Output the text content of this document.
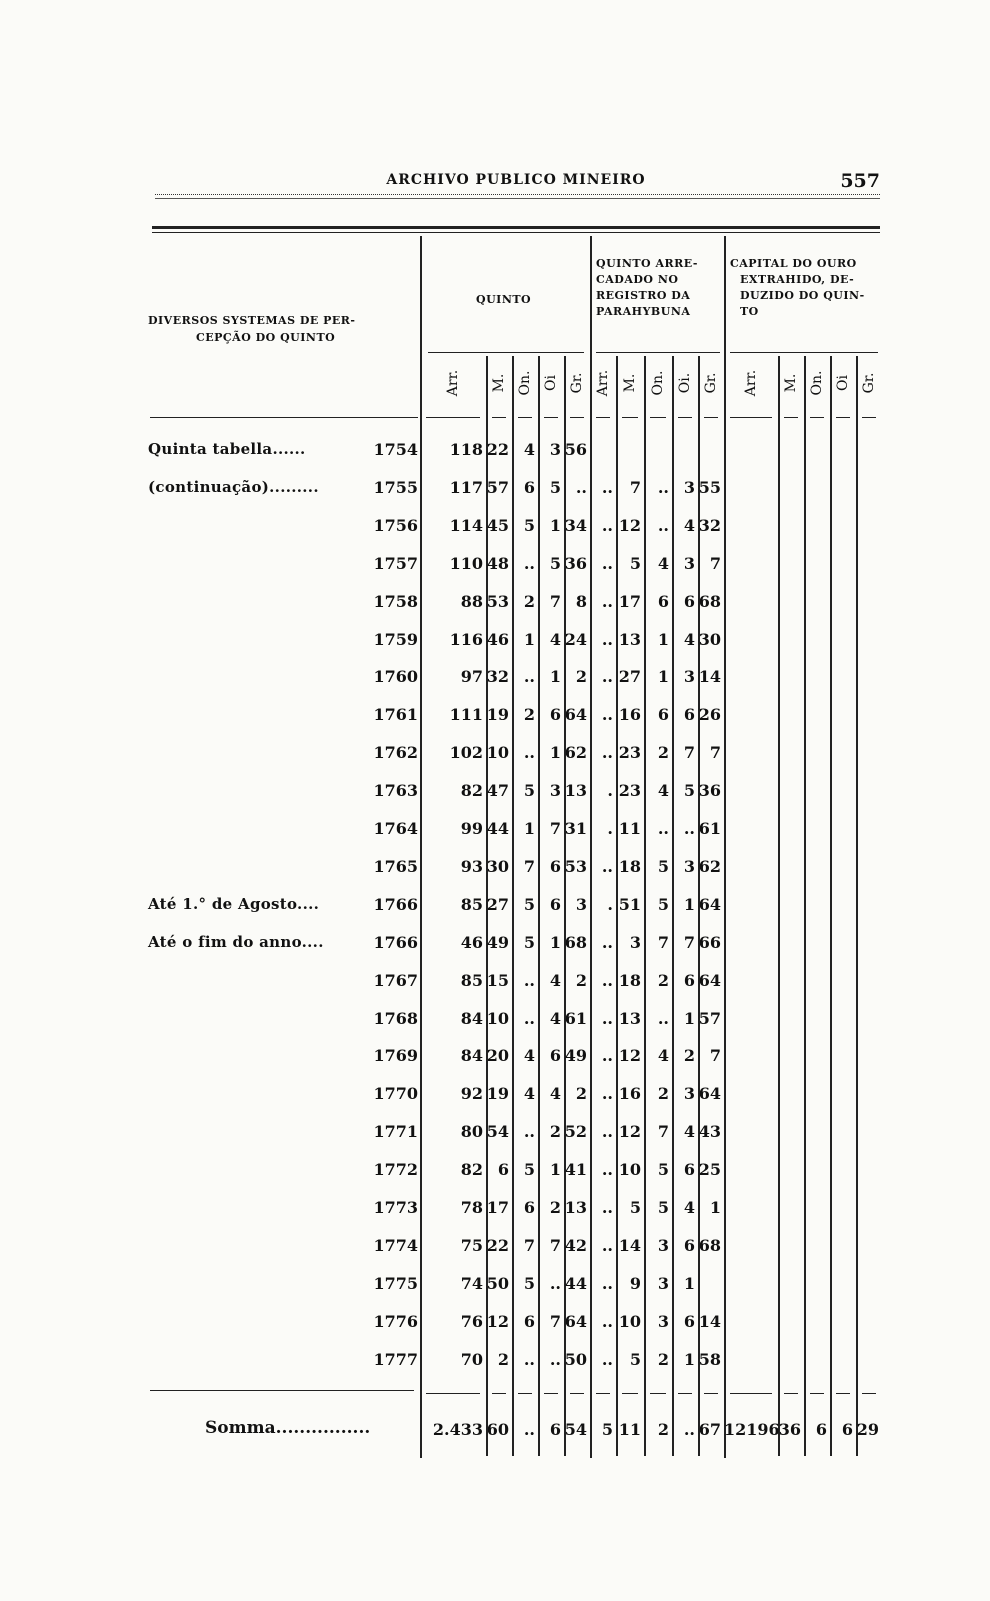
ARCHIVO PUBLICO MINEIRO	557
DIVERSOS SYSTEMAS DE PER-
CEPÇÃO DO QUINTO
QUINTO
QUINTO ARRE-
CADADO NO
REGISTRO DA
PARAHYBUNA
CAPITAL DO OURO
EXTRAHIDO, DE-
DUZIDO DO QUIN-
TO
Arr. M. On. Oi Gr. Arr. M. On. Oi. Gr. Arr. M. On. Oi Gr.
Quinta tabella......	1754	118 22 4 3 56
(continuação).........	1755	117 57 6 5 .. ..	7	.. 3 55
1756	114 45 5 1 34 .. 12	.. 4 32
1757	110 48 .. 5 36 ..	5	4 3 7
1758	88 53 2 7 8 .. 17	6 6 68
1759	116 46 1 4 24 .. 13	1 4 30
1760	97 32 .. 1 2 .. 27	1 3 14
1761	111 19 2 6 64 .. 16	6 6 26
1762	102 10 .. 1 62 .. 23	2 7 7
1763	82 47 5 3 13	. 23	4 5 36
1764	99 44 1 7 31	. 11	.. .. 61
1765	93 30 7 6 53 .. 18	5 3 62
Até 1.° de Agosto....	1766	85 27 5 6 3	. 51	5 1 64
Até o fim do anno....	1766	46 49 5 1 68 ..	3	7 7 66
1767	85 15 .. 4 2 .. 18	2 6 64
1768	84 10 .. 4 61 .. 13	.. 1 57
1769	84 20 4 6 49 .. 12	4 2 7
1770	92 19 4 4 2 .. 16	2 3 64
1771	80 54 .. 2 52 .. 12	7 4 43
1772	82 6 5 1 41 .. 10	5 6 25
1773	78 17 6 2 13 ..	5	5 4 1
1774	75 22 7 7 42 .. 14	3 6 68
1775	74 50 5 .. 44 ..	9	3 1
1776	76 12 6 7 64 .. 10	3 6 14
1777	70 2 .. .. 50 ..	5	2 1 58
Somma................	2.433 60 .. 6 54 5 11	2 .. 67 12196 36 6 6 29
